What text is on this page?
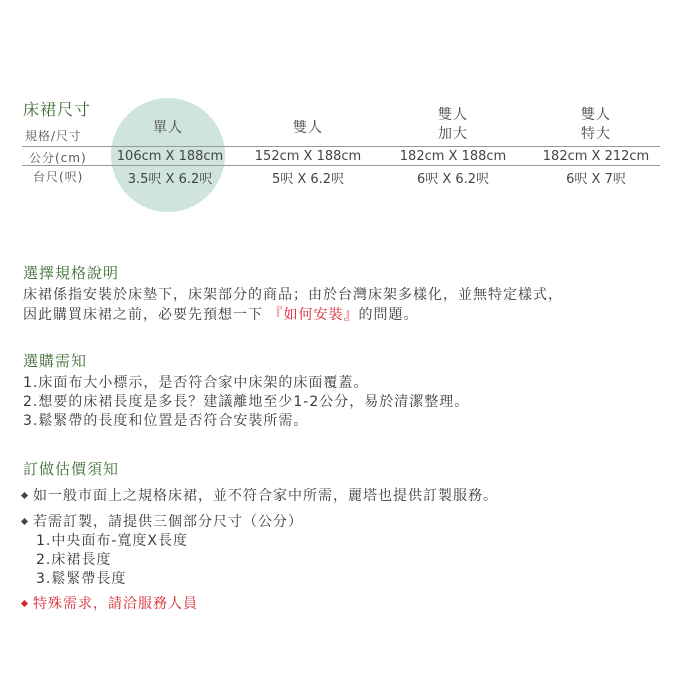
床裙尺寸
規格/尺寸
公分(cm)
台尺(呎)
單人
106cm X 188cm
3.5呎 X 6.2呎
雙人
152cm X 188cm
5呎 X 6.2呎
雙人
加大
182cm X 188cm
6呎 X 6.2呎
雙人
特大
182cm X 212cm
6呎 X 7呎
選擇規格說明
床裙係指安裝於床墊下，床架部分的商品；由於台灣床架多樣化，並無特定樣式，
因此購買床裙之前，必要先預想一下 『如何安裝』的問題。
選購需知
1.床面布大小標示，是否符合家中床架的床面覆蓋。
2.想要的床裙長度是多長？建議離地至少1-2公分，易於清潔整理。
3.鬆緊帶的長度和位置是否符合安裝所需。
訂做估價須知
如一般市面上之規格床裙，並不符合家中所需，麗塔也提供訂製服務。
若需訂製，請提供三個部分尺寸（公分）
1.中央面布-寬度X長度
2.床裙長度
3.鬆緊帶長度
特殊需求，請洽服務人員
